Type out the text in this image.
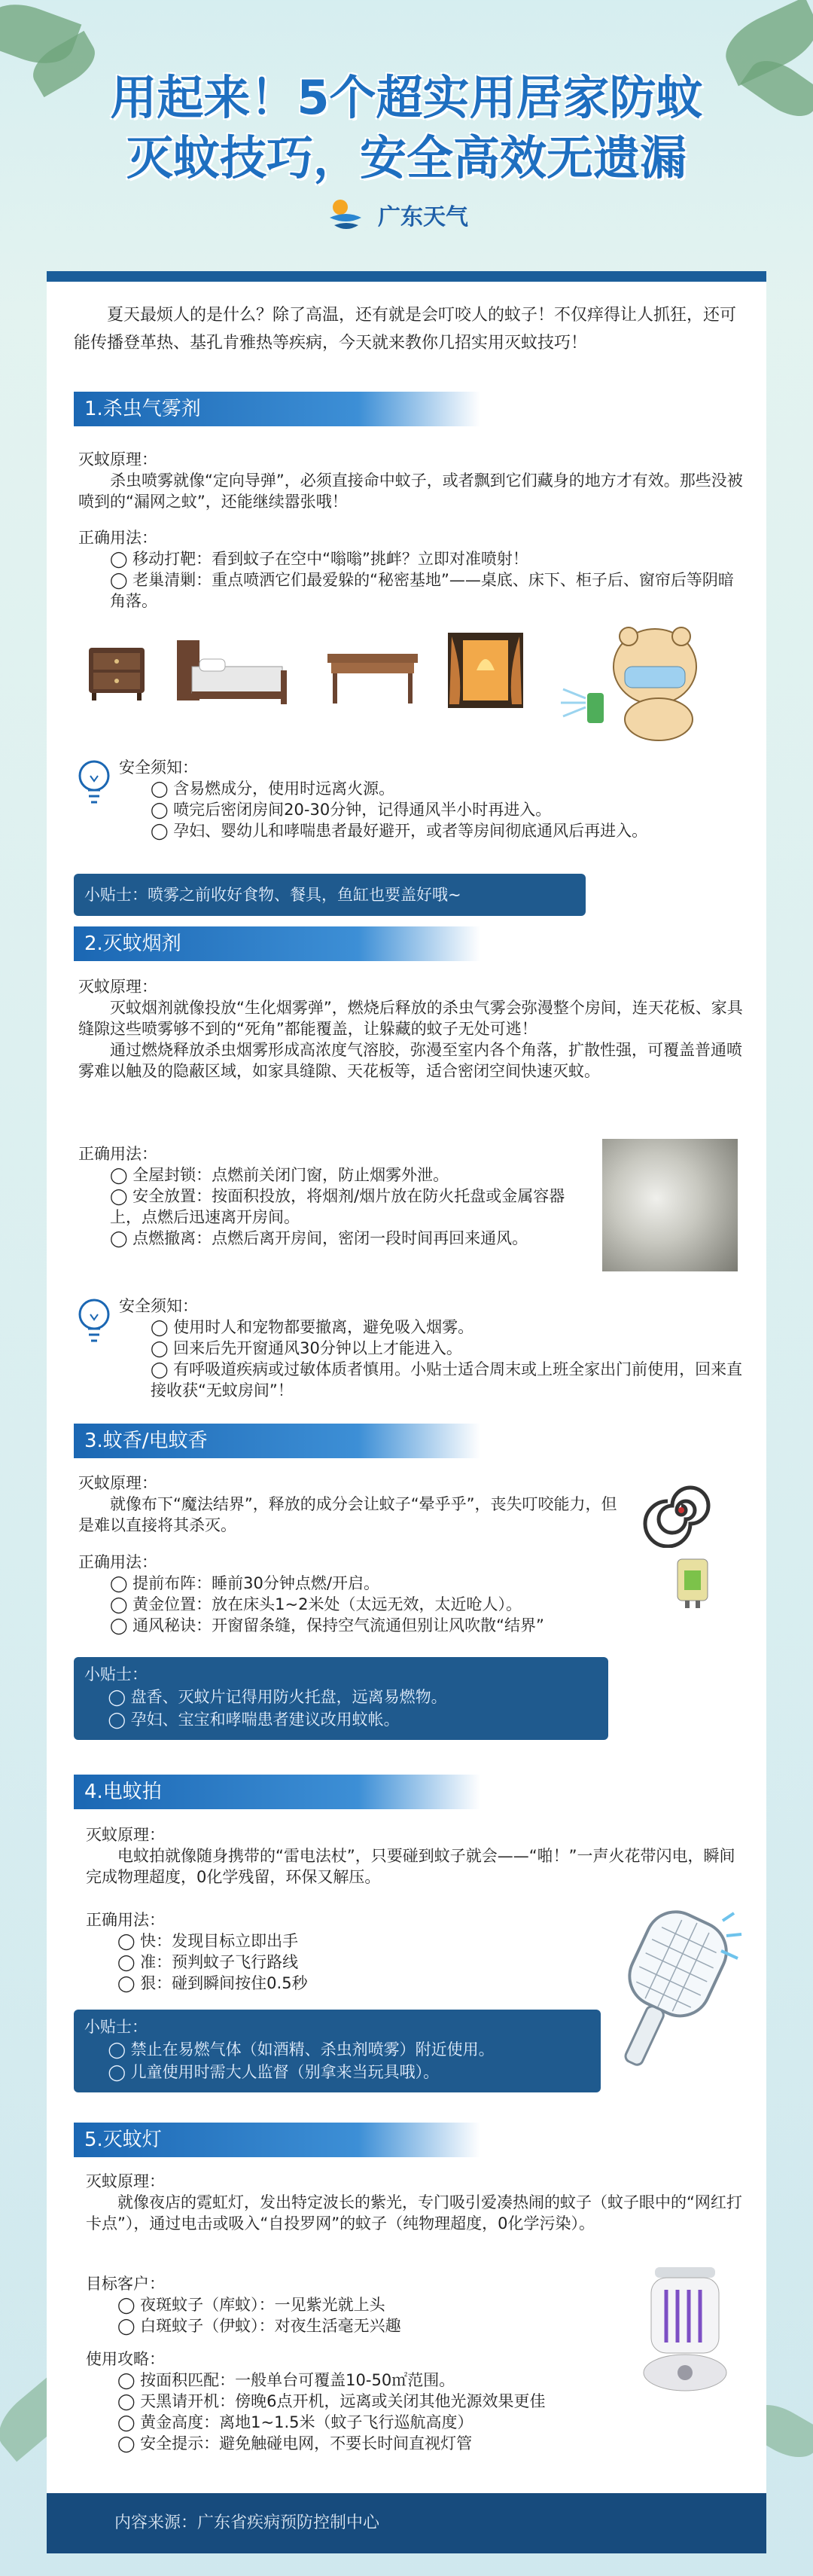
用起来！5个超实用居家防蚊
灭蚊技巧，安全高效无遗漏
广东天气
夏天最烦人的是什么？除了高温，还有就是会叮咬人的蚊子！不仅痒得让人抓狂，还可能传播登革热、基孔肯雅热等疾病，今天就来教你几招实用灭蚊技巧！
1.杀虫气雾剂

灭蚊原理：

杀虫喷雾就像“定向导弹”，必须直接命中蚊子，或者飘到它们藏身的地方才有效。那些没被喷到的“漏网之蚊”，还能继续嚣张哦！

正确用法：

◯ 移动打靶：看到蚊子在空中“嗡嗡”挑衅？立即对准喷射！

◯ 老巢清剿：重点喷洒它们最爱躲的“秘密基地”——桌底、床下、柜子后、窗帘后等阴暗角落。

安全须知：

◯ 含易燃成分，使用时远离火源。

◯ 喷完后密闭房间20-30分钟，记得通风半小时再进入。

◯ 孕妇、婴幼儿和哮喘患者最好避开，或者等房间彻底通风后再进入。

小贴士：喷雾之前收好食物、餐具，鱼缸也要盖好哦~
2.灭蚊烟剂

灭蚊原理：

灭蚊烟剂就像投放“生化烟雾弹”，燃烧后释放的杀虫气雾会弥漫整个房间，连天花板、家具缝隙这些喷雾够不到的“死角”都能覆盖，让躲藏的蚊子无处可逃！

通过燃烧释放杀虫烟雾形成高浓度气溶胶，弥漫至室内各个角落，扩散性强，可覆盖普通喷雾难以触及的隐蔽区域，如家具缝隙、天花板等，适合密闭空间快速灭蚊。

正确用法：

◯ 全屋封锁：点燃前关闭门窗，防止烟雾外泄。

◯ 安全放置：按面积投放，将烟剂/烟片放在防火托盘或金属容器上，点燃后迅速离开房间。

◯ 点燃撤离：点燃后离开房间，密闭一段时间再回来通风。

安全须知：

◯ 使用时人和宠物都要撤离，避免吸入烟雾。

◯ 回来后先开窗通风30分钟以上才能进入。

◯ 有呼吸道疾病或过敏体质者慎用。小贴士适合周末或上班全家出门前使用，回来直接收获“无蚊房间”！

3.蚊香/电蚊香

灭蚊原理：

就像布下“魔法结界”，释放的成分会让蚊子“晕乎乎”，丧失叮咬能力，但是难以直接将其杀灭。

正确用法：

◯ 提前布阵：睡前30分钟点燃/开启。

◯ 黄金位置：放在床头1~2米处（太远无效，太近呛人）。

◯ 通风秘诀：开窗留条缝，保持空气流通但别让风吹散“结界”

小贴士：
◯ 盘香、灭蚊片记得用防火托盘，远离易燃物。
◯ 孕妇、宝宝和哮喘患者建议改用蚊帐。
4.电蚊拍

灭蚊原理：

电蚊拍就像随身携带的“雷电法杖”，只要碰到蚊子就会——“啪！”一声火花带闪电，瞬间完成物理超度，0化学残留，环保又解压。

正确用法：

◯ 快：发现目标立即出手

◯ 准：预判蚊子飞行路线

◯ 狠：碰到瞬间按住0.5秒

小贴士：
◯ 禁止在易燃气体（如酒精、杀虫剂喷雾）附近使用。
◯ 儿童使用时需大人监督（别拿来当玩具哦）。
5.灭蚊灯

灭蚊原理：

就像夜店的霓虹灯，发出特定波长的紫光，专门吸引爱凑热闹的蚊子（蚊子眼中的“网红打卡点”），通过电击或吸入“自投罗网”的蚊子（纯物理超度，0化学污染）。

目标客户：

◯ 夜斑蚊子（库蚊）：一见紫光就上头

◯ 白斑蚊子（伊蚊）：对夜生活毫无兴趣

使用攻略：

◯ 按面积匹配：一般单台可覆盖10-50㎡范围。

◯ 天黑请开机：傍晚6点开机，远离或关闭其他光源效果更佳

◯ 黄金高度：离地1~1.5米（蚊子飞行巡航高度）

◯ 安全提示：避免触碰电网，不要长时间直视灯管

内容来源：广东省疾病预防控制中心
